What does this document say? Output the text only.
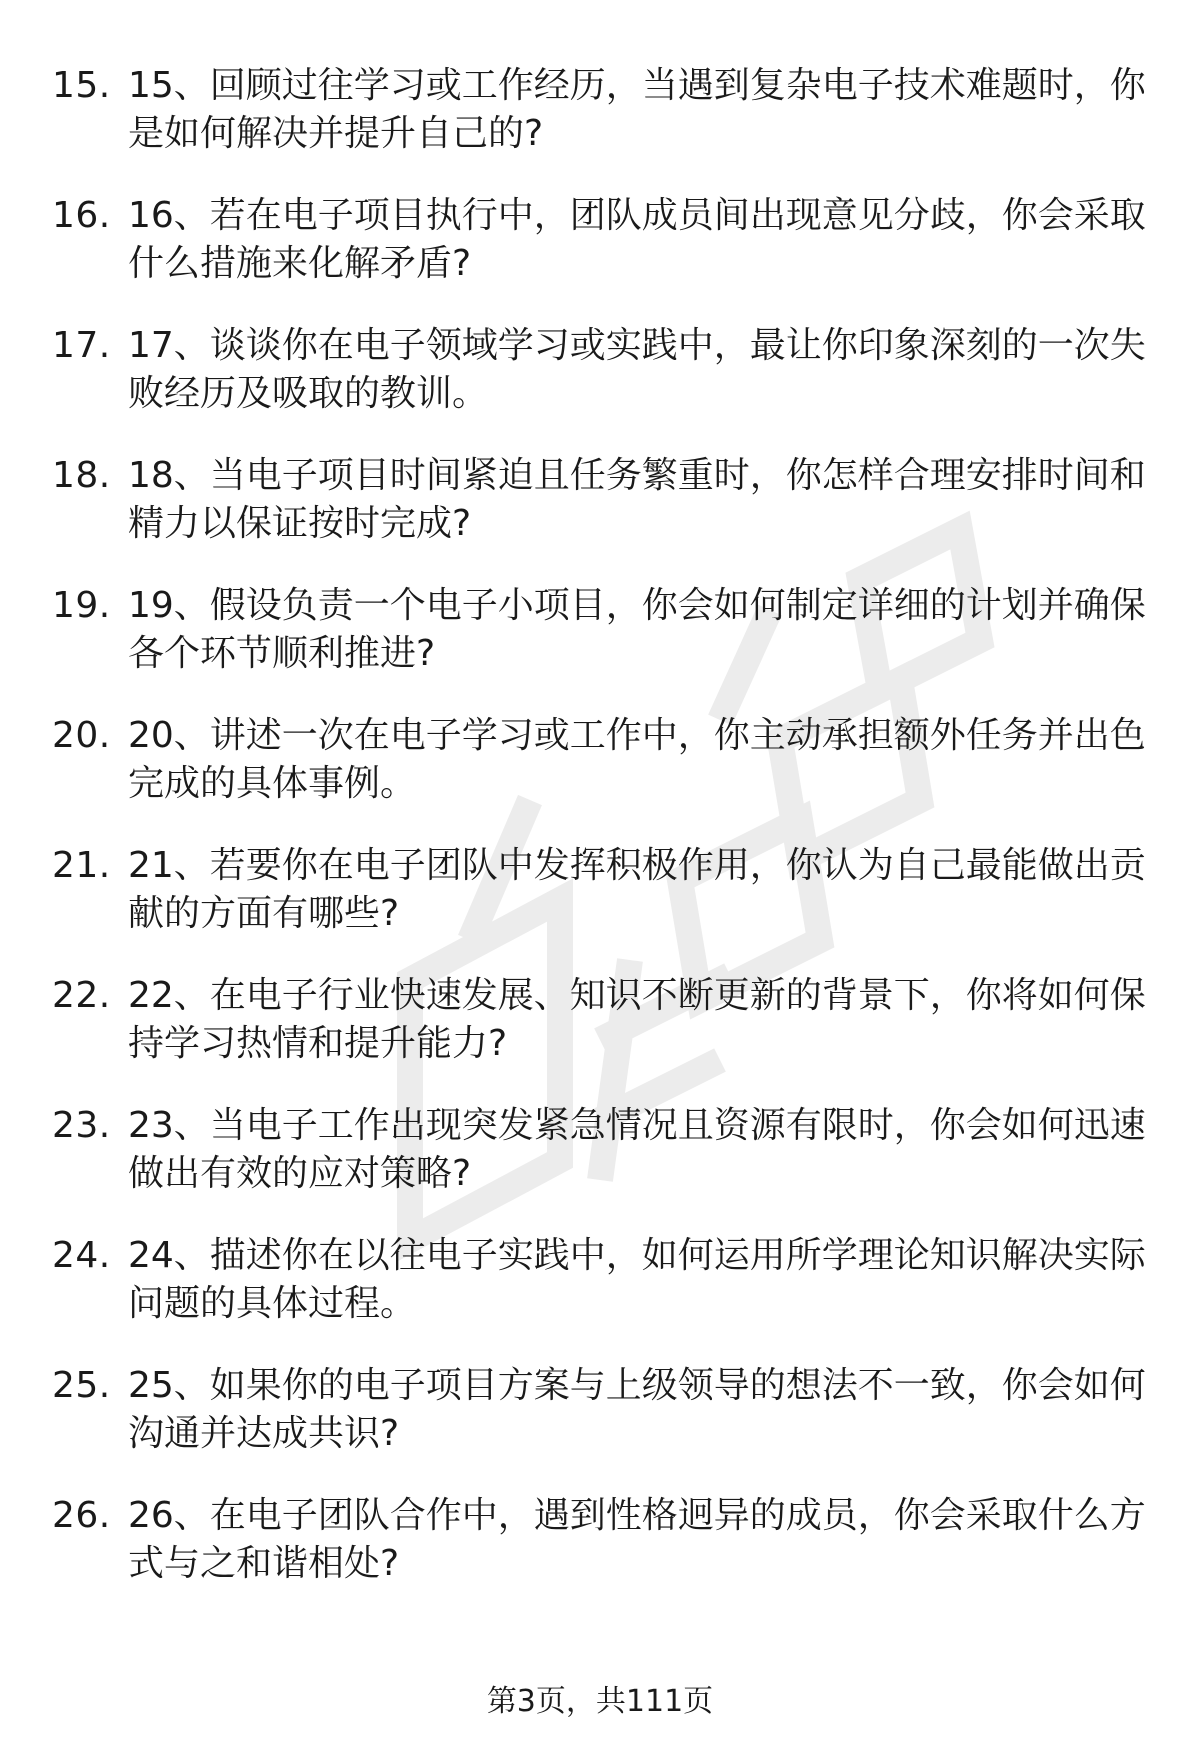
15. 15、回顾过往学习或工作经历，当遇到复杂电子技术难题时，你是如何解决并提升自己的?
16. 16、若在电子项目执行中，团队成员间出现意见分歧，你会采取什么措施来化解矛盾?
17. 17、谈谈你在电子领域学习或实践中，最让你印象深刻的一次失败经历及吸取的教训。
18. 18、当电子项目时间紧迫且任务繁重时，你怎样合理安排时间和精力以保证按时完成?
19. 19、假设负责一个电子小项目，你会如何制定详细的计划并确保各个环节顺利推进?
20. 20、讲述一次在电子学习或工作中，你主动承担额外任务并出色完成的具体事例。
21. 21、若要你在电子团队中发挥积极作用，你认为自己最能做出贡献的方面有哪些?
22. 22、在电子行业快速发展、知识不断更新的背景下，你将如何保持学习热情和提升能力?
23. 23、当电子工作出现突发紧急情况且资源有限时，你会如何迅速做出有效的应对策略?
24. 24、描述你在以往电子实践中，如何运用所学理论知识解决实际问题的具体过程。
25. 25、如果你的电子项目方案与上级领导的想法不一致，你会如何沟通并达成共识?
26. 26、在电子团队合作中，遇到性格迥异的成员，你会采取什么方式与之和谐相处?
第3页，共111页
